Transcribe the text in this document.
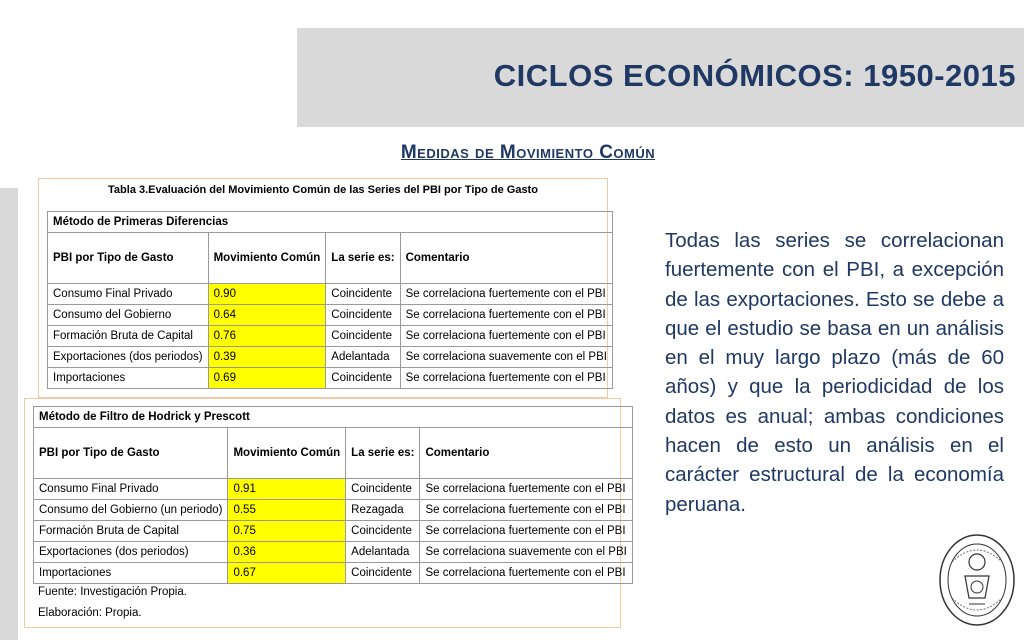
CICLOS ECONÓMICOS: 1950-2015
Medidas de Movimiento Común
Tabla 3.Evaluación del Movimiento Común de las Series del PBI por Tipo de Gasto
Método de Primeras Diferencias			
PBI por Tipo de Gasto	Movimiento Común	La serie es:	Comentario
Consumo Final Privado	0.90	Coincidente	Se correlaciona fuertemente con el PBI
Consumo del Gobierno	0.64	Coincidente	Se correlaciona fuertemente con el PBI
Formación Bruta de Capital	0.76	Coincidente	Se correlaciona fuertemente con el PBI
Exportaciones (dos periodos)	0.39	Adelantada	Se correlaciona suavemente con el PBI
Importaciones	0.69	Coincidente	Se correlaciona fuertemente con el PBI
Método de Filtro de Hodrick y Prescott			
PBI por Tipo de Gasto	Movimiento Común	La serie es:	Comentario
Consumo Final Privado	0.91	Coincidente	Se correlaciona fuertemente con el PBI
Consumo del Gobierno (un periodo)	0.55	Rezagada	Se correlaciona fuertemente con el PBI
Formación Bruta de Capital	0.75	Coincidente	Se correlaciona fuertemente con el PBI
Exportaciones (dos periodos)	0.36	Adelantada	Se correlaciona suavemente con el PBI
Importaciones	0.67	Coincidente	Se correlaciona fuertemente con el PBI
Fuente: Investigación Propia.
Elaboración: Propia.

Todas las series se correlacionan fuertemente con el PBI, a excepción de las exportaciones. Esto se debe a que el estudio se basa en un análisis en el muy largo plazo (más de 60 años) y que la periodicidad de los datos es anual; ambas condiciones hacen de esto un análisis en el carácter estructural de la economía peruana.
